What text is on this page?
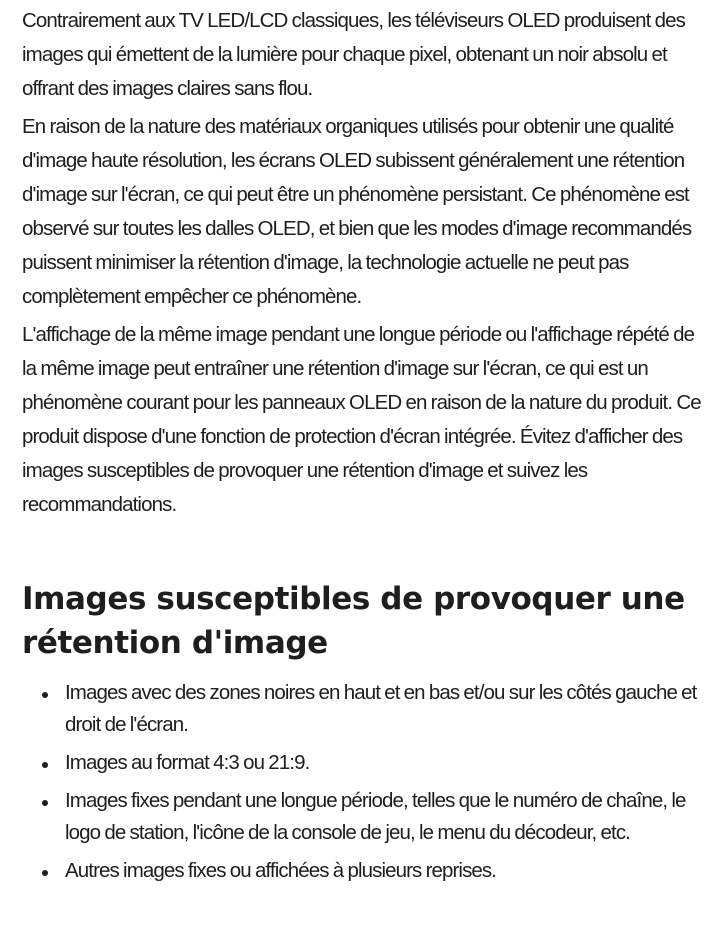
Contrairement aux TV LED/LCD classiques, les téléviseurs OLED produisent des images qui émettent de la lumière pour chaque pixel, obtenant un noir absolu et offrant des images claires sans flou.

En raison de la nature des matériaux organiques utilisés pour obtenir une qualité d'image haute résolution, les écrans OLED subissent généralement une rétention d'image sur l'écran, ce qui peut être un phénomène persistant. Ce phénomène est observé sur toutes les dalles OLED, et bien que les modes d'image recommandés puissent minimiser la rétention d'image, la technologie actuelle ne peut pas complètement empêcher ce phénomène.

L'affichage de la même image pendant une longue période ou l'affichage répété de la même image peut entraîner une rétention d'image sur l'écran, ce qui est un phénomène courant pour les panneaux OLED en raison de la nature du produit. Ce produit dispose d'une fonction de protection d'écran intégrée. Évitez d'afficher des images susceptibles de provoquer une rétention d'image et suivez les recommandations.

Images susceptibles de provoquer une rétention d'image
Images avec des zones noires en haut et en bas et/ou sur les côtés gauche et droit de l'écran.
Images au format 4:3 ou 21:9.
Images fixes pendant une longue période, telles que le numéro de chaîne, le logo de station, l'icône de la console de jeu, le menu du décodeur, etc.
Autres images fixes ou affichées à plusieurs reprises.
